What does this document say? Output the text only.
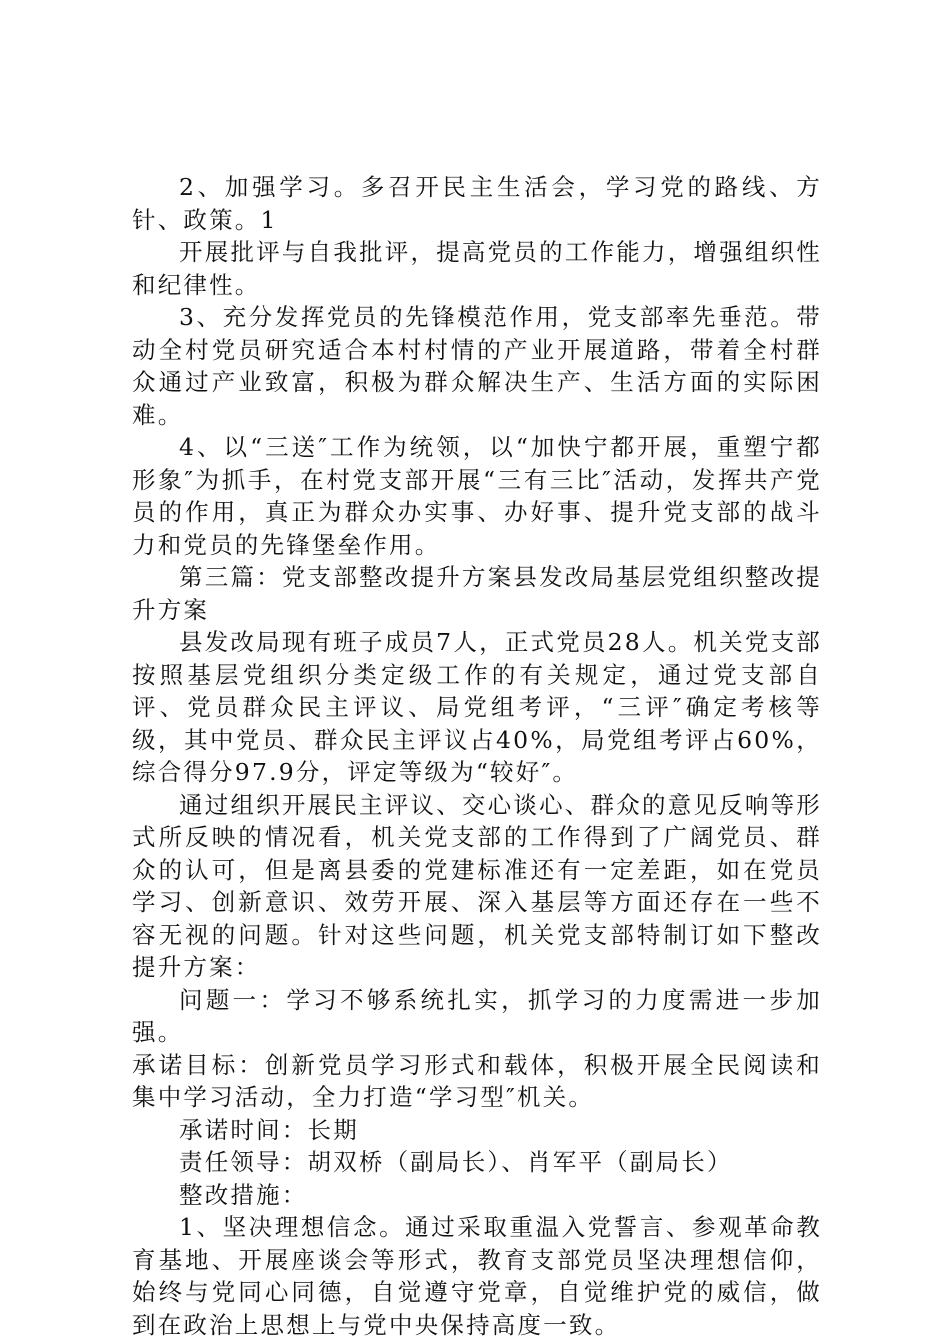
2、加强学习。多召开民主生活会，学习党的路线、方针、政策。1

开展批评与自我批评，提高党员的工作能力，增强组织性和纪律性。

3、充分发挥党员的先锋模范作用，党支部率先垂范。带动全村党员研究适合本村村情的产业开展道路，带着全村群众通过产业致富，积极为群众解决生产、生活方面的实际困难。

4、以“三送″工作为统领，以“加快宁都开展，重塑宁都形象″为抓手，在村党支部开展“三有三比″活动，发挥共产党员的作用，真正为群众办实事、办好事、提升党支部的战斗力和党员的先锋堡垒作用。

第三篇：党支部整改提升方案县发改局基层党组织整改提升方案

县发改局现有班子成员7人，正式党员28人。机关党支部按照基层党组织分类定级工作的有关规定，通过党支部自评、党员群众民主评议、局党组考评，“三评″确定考核等级，其中党员、群众民主评议占40%，局党组考评占60%，综合得分97.9分，评定等级为“较好″。

通过组织开展民主评议、交心谈心、群众的意见反响等形式所反映的情况看，机关党支部的工作得到了广阔党员、群众的认可，但是离县委的党建标准还有一定差距，如在党员学习、创新意识、效劳开展、深入基层等方面还存在一些不容无视的问题。针对这些问题，机关党支部特制订如下整改提升方案：

问题一：学习不够系统扎实，抓学习的力度需进一步加强。

承诺目标：创新党员学习形式和载体，积极开展全民阅读和集中学习活动，全力打造“学习型″机关。

承诺时间：长期

责任领导：胡双桥（副局长）、肖军平（副局长）

整改措施：

1、坚决理想信念。通过采取重温入党誓言、参观革命教育基地、开展座谈会等形式，教育支部党员坚决理想信仰，始终与党同心同德，自觉遵守党章，自觉维护党的威信，做到在政治上思想上与党中央保持高度一致。
